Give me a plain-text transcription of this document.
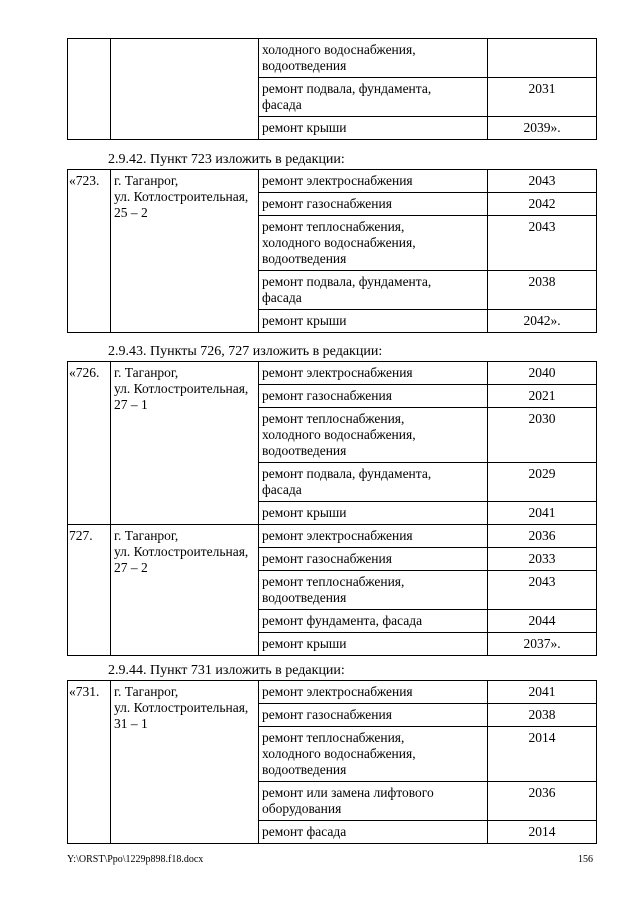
		холодного водоснабжения,
водоотведения	
		ремонт подвала, фундамента,
фасада	2031
		ремонт крыши	2039».
2.9.42. Пункт 723 изложить в редакции:
«723.	г. Таганрог,
ул. Котлостроительная,
25 – 2	ремонт электроснабжения	2043
		ремонт газоснабжения	2042
		ремонт теплоснабжения,
холодного водоснабжения,
водоотведения	2043
		ремонт подвала, фундамента,
фасада	2038
		ремонт крыши	2042».
2.9.43. Пункты 726, 727 изложить в редакции:
«726.	г. Таганрог,
ул. Котлостроительная,
27 – 1	ремонт электроснабжения	2040
		ремонт газоснабжения	2021
		ремонт теплоснабжения,
холодного водоснабжения,
водоотведения	2030
		ремонт подвала, фундамента,
фасада	2029
		ремонт крыши	2041
727.	г. Таганрог,
ул. Котлостроительная,
27 – 2	ремонт электроснабжения	2036
		ремонт газоснабжения	2033
		ремонт теплоснабжения,
водоотведения	2043
		ремонт фундамента, фасада	2044
		ремонт крыши	2037».
2.9.44. Пункт 731 изложить в редакции:
«731.	г. Таганрог,
ул. Котлостроительная,
31 – 1	ремонт электроснабжения	2041
		ремонт газоснабжения	2038
		ремонт теплоснабжения,
холодного водоснабжения,
водоотведения	2014
		ремонт или замена лифтового
оборудования	2036
		ремонт фасада	2014
Y:\ORST\Ppo\1229p898.f18.docx	156
